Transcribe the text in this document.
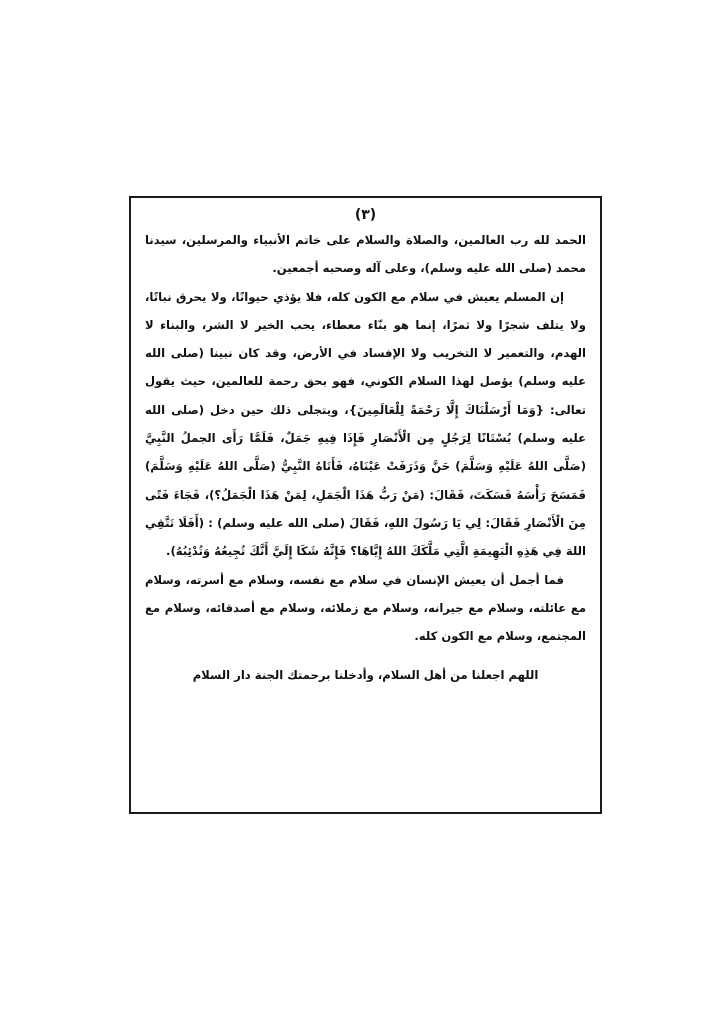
(٣)

الحمد لله رب العالمين، والصلاة والسلام على خاتم الأنبياء والمرسلين، سيدنا محمد (صلى الله عليه وسلم)، وعلى آله وصحبه أجمعين.

إن المسلم يعيش في سلام مع الكون كله، فلا يؤذي حيوانًا، ولا يحرق نباتًا، ولا يتلف شجرًا ولا ثمرًا، إنما هو بنّاء معطاء، يحب الخير لا الشر، والبناء لا الهدم، والتعمير لا التخريب ولا الإفساد في الأرض، وقد كان نبينا (صلى الله عليه وسلم) يؤصل لهذا السلام الكوني، فهو بحق رحمة للعالمين، حيث يقول تعالى: {وَمَا أَرْسَلْنَاكَ إِلَّا رَحْمَةً لِلْعَالَمِينَ}، ويتجلى ذلك حين دخل (صلى الله عليه وسلم) بُسْتَانًا لِرَجُلٍ مِن الْأَنْصَارِ فَإِذَا فِيهِ جَمَلٌ، فَلَمَّا رَأَى الجملُ النَّبِيَّ (صَلَّى اللهُ عَلَيْهِ وَسَلَّمَ) حَنَّ وَذَرَفَتْ عَيْنَاهُ، فَأَتَاهُ النَّبِيُّ (صَلَّى اللهُ عَلَيْهِ وَسَلَّمَ) فَمَسَحَ رَأْسَهُ فَسَكَتَ، فَقَالَ: (مَنْ رَبُّ هَذَا الْجَمَلِ، لِمَنْ هَذَا الْجَمَلُ؟)، فَجَاءَ فَتًى مِنَ الْأَنْصَارِ فَقَالَ: لِي يَا رَسُولَ اللهِ، فَقَالَ (صلى الله عليه وسلم) : (أَفَلَا تَتَّقِي اللهَ فِي هَذِهِ الْبَهِيمَةِ الَّتِي مَلَّكَكَ اللهُ إِيَّاهَا؟ فَإِنَّهُ شَكَا إِلَيَّ أَنَّكَ تُجِيعُهُ وَتُدْئِبُهُ).

فما أجمل أن يعيش الإنسان في سلام مع نفسه، وسلام مع أسرته، وسلام مع عائلته، وسلام مع جيرانه، وسلام مع زملائه، وسلام مع أصدقائه، وسلام مع المجتمع، وسلام مع الكون كله.

اللهم اجعلنا من أهل السلام، وأدخلنا برحمتك الجنة دار السلام
